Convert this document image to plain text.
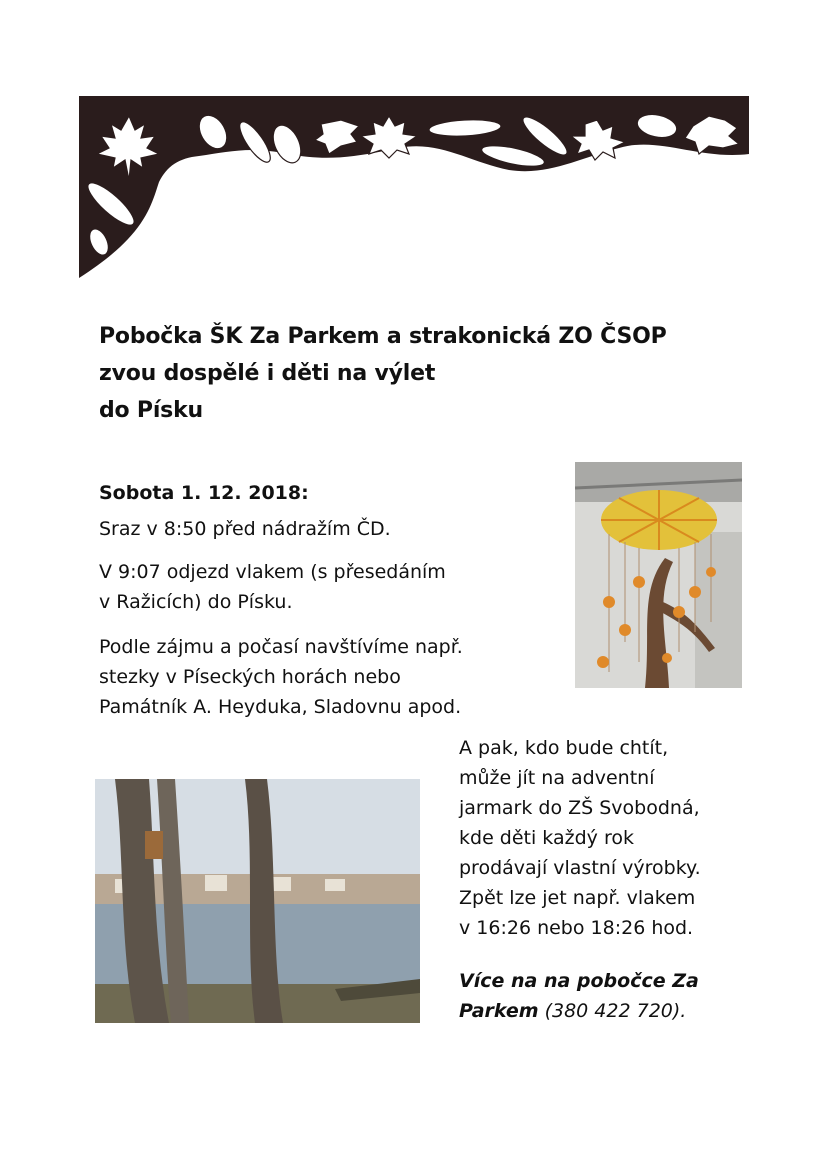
Pobočka ŠK Za Parkem a strakonická ZO ČSOP
zvou dospělé i děti na výlet
do Písku

Sobota 1. 12. 2018:

Sraz v 8:50 před nádražím ČD.

V 9:07 odjezd vlakem (s přesedáním
v Ražicích) do Písku.

Podle zájmu a počasí navštívíme např.
stezky v Píseckých horách nebo
Památník A. Heyduka, Sladovnu apod.

A pak, kdo bude chtít,
může jít na adventní
jarmark do ZŠ Svobodná,
kde děti každý rok
prodávají vlastní výrobky.
Zpět lze jet např. vlakem
v 16:26 nebo 18:26 hod.

Více na na pobočce Za
Parkem (380 422 720).
